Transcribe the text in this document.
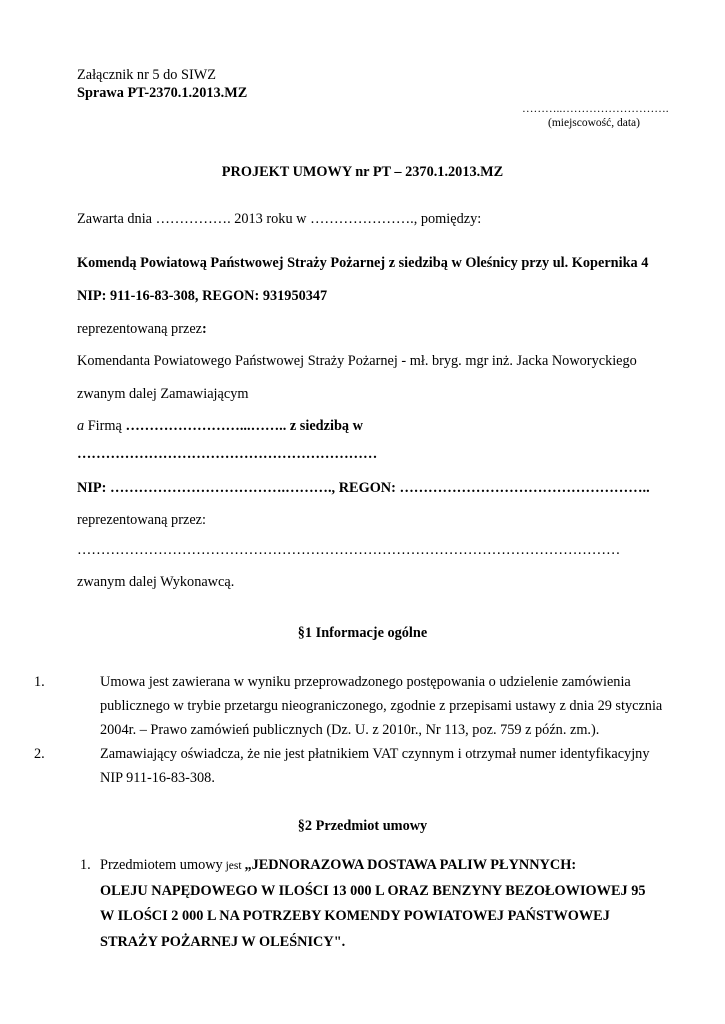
Załącznik nr 5 do SIWZ
Sprawa PT-2370.1.2013.MZ
………..……………………….
(miejscowość, data)
PROJEKT UMOWY nr PT – 2370.1.2013.MZ
Zawarta dnia ……………. 2013 roku w …………………., pomiędzy:
Komendą Powiatową Państwowej Straży Pożarnej z siedzibą w Oleśnicy przy ul. Kopernika 4
NIP: 911-16-83-308, REGON: 931950347
reprezentowaną przez:
Komendanta Powiatowego Państwowej Straży Pożarnej - mł. bryg. mgr inż. Jacka Noworyckiego
zwanym dalej Zamawiającym
a Firmą ……………………...…….. z siedzibą w
………………………………………………………
NIP: ……………………………….………., REGON: ……………………………………………..
reprezentowaną przez:
……………………………………………………………………………………………………
zwanym dalej Wykonawcą.
§1 Informacje ogólne
1.	Umowa jest zawierana w wyniku przeprowadzonego postępowania o udzielenie zamówienia
publicznego w trybie przetargu nieograniczonego, zgodnie z przepisami ustawy z dnia 29 stycznia
2004r. – Prawo zamówień publicznych (Dz. U. z 2010r., Nr 113, poz. 759 z późn. zm.).
2.	Zamawiający oświadcza, że nie jest płatnikiem VAT czynnym i otrzymał numer identyfikacyjny
NIP 911-16-83-308.
§2 Przedmiot umowy
1. Przedmiotem umowy jest „JEDNORAZOWA DOSTAWA PALIW PŁYNNYCH:
OLEJU NAPĘDOWEGO W ILOŚCI 13 000 L ORAZ BENZYNY BEZOŁOWIOWEJ 95
W ILOŚCI 2 000 L NA POTRZEBY KOMENDY POWIATOWEJ PAŃSTWOWEJ
STRAŻY POŻARNEJ W OLEŚNICY".
